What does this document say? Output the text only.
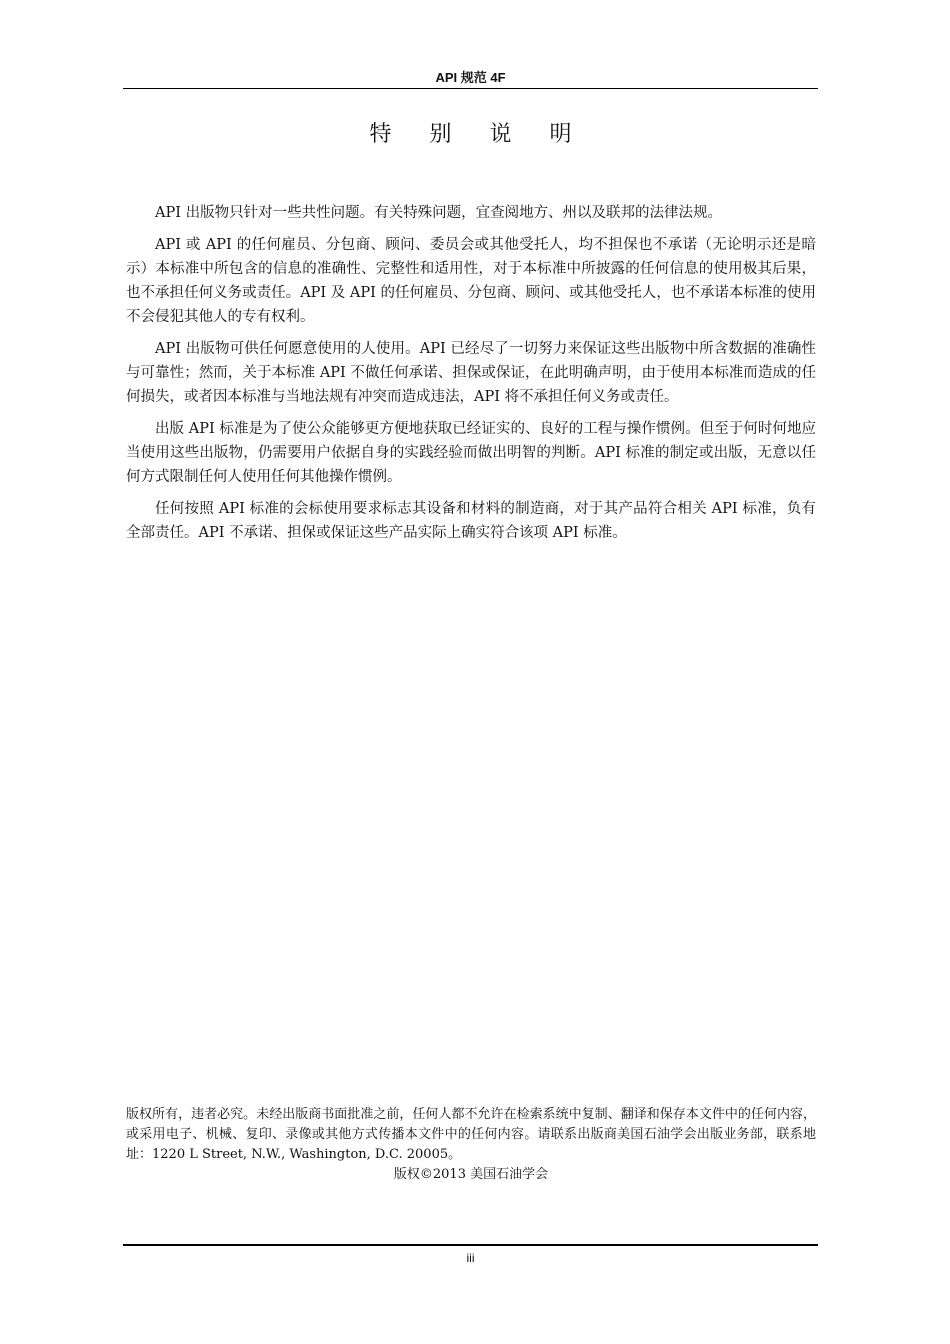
API 规范 4F
特别说明

API 出版物只针对一些共性问题。有关特殊问题，宜查阅地方、州以及联邦的法律法规。

API 或 API 的任何雇员、分包商、顾问、委员会或其他受托人，均不担保也不承诺（无论明示还是暗示）本标准中所包含的信息的准确性、完整性和适用性，对于本标准中所披露的任何信息的使用极其后果，也不承担任何义务或责任。API 及 API 的任何雇员、分包商、顾问、或其他受托人，也不承诺本标准的使用不会侵犯其他人的专有权利。

API 出版物可供任何愿意使用的人使用。API 已经尽了一切努力来保证这些出版物中所含数据的准确性与可靠性；然而，关于本标准 API 不做任何承诺、担保或保证，在此明确声明，由于使用本标准而造成的任何损失，或者因本标准与当地法规有冲突而造成违法，API 将不承担任何义务或责任。

出版 API 标准是为了使公众能够更方便地获取已经证实的、良好的工程与操作惯例。但至于何时何地应当使用这些出版物，仍需要用户依据自身的实践经验而做出明智的判断。API 标准的制定或出版，无意以任何方式限制任何人使用任何其他操作惯例。

任何按照 API 标准的会标使用要求标志其设备和材料的制造商，对于其产品符合相关 API 标准，负有全部责任。API 不承诺、担保或保证这些产品实际上确实符合该项 API 标准。

版权所有，违者必究。未经出版商书面批准之前，任何人都不允许在检索系统中复制、翻译和保存本文件中的任何内容，或采用电子、机械、复印、录像或其他方式传播本文件中的任何内容。请联系出版商美国石油学会出版业务部，联系地址：1220 L Street, N.W., Washington, D.C. 20005。

版权©2013 美国石油学会

iii
